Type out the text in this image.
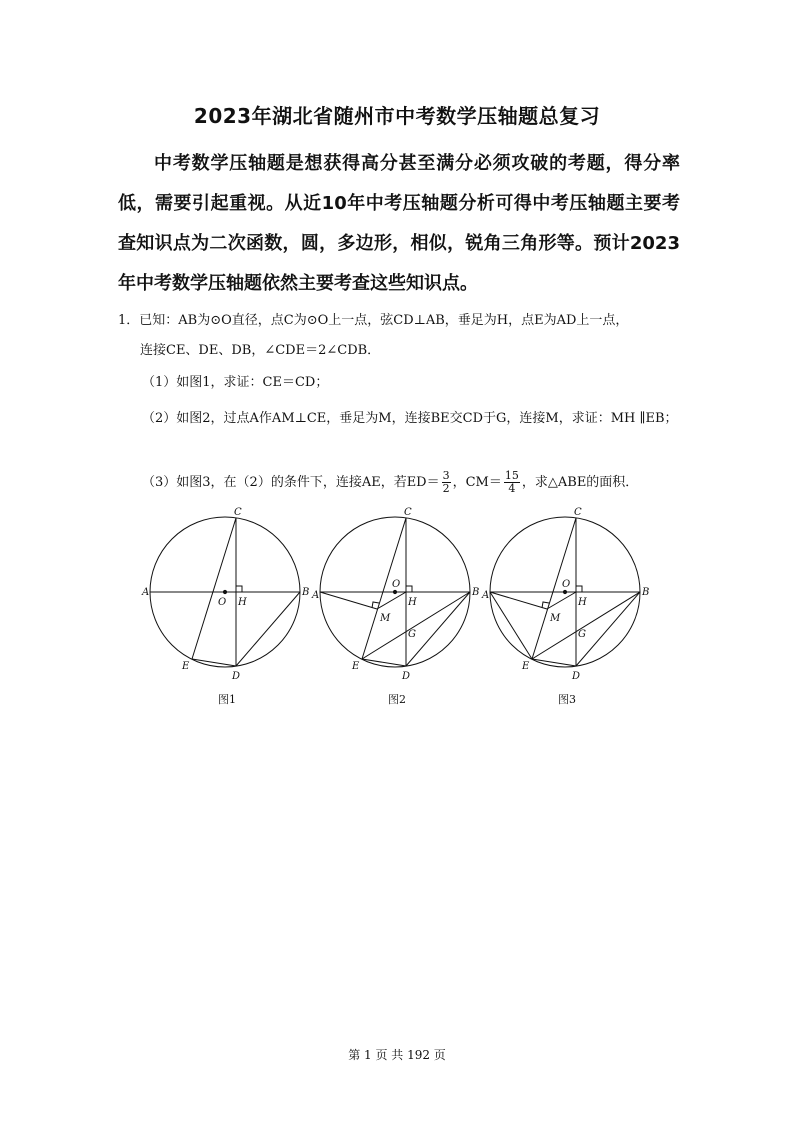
2023年湖北省随州市中考数学压轴题总复习
中考数学压轴题是想获得高分甚至满分必须攻破的考题，得分率低，需要引起重视。从近10年中考压轴题分析可得中考压轴题主要考查知识点为二次函数，圆，多边形，相似，锐角三角形等。预计2023年中考数学压轴题依然主要考查这些知识点。
1．已知：AB为⊙O直径，点C为⊙O上一点，弦CD⊥AB，垂足为H，点E为AD上一点，
连接CE、DE、DB，∠CDE＝2∠CDB．
（1）如图1，求证：CE＝CD；
（2）如图2，过点A作AM⊥CE，垂足为M，连接BE交CD于G，连接M，求证：MH ∥EB；
（3）如图3，在（2）的条件下，连接AE，若$ED= \frac{3}{2}$ ，$CM= \frac{15}{4}$ ，求△ABE的面积．
C
A	B
O H
E
D
图1
C
A	B
O
H
M
G
E
D
图2
C
A	B
O
H
M
G
E
D
图3
第 1 页 共 192 页
